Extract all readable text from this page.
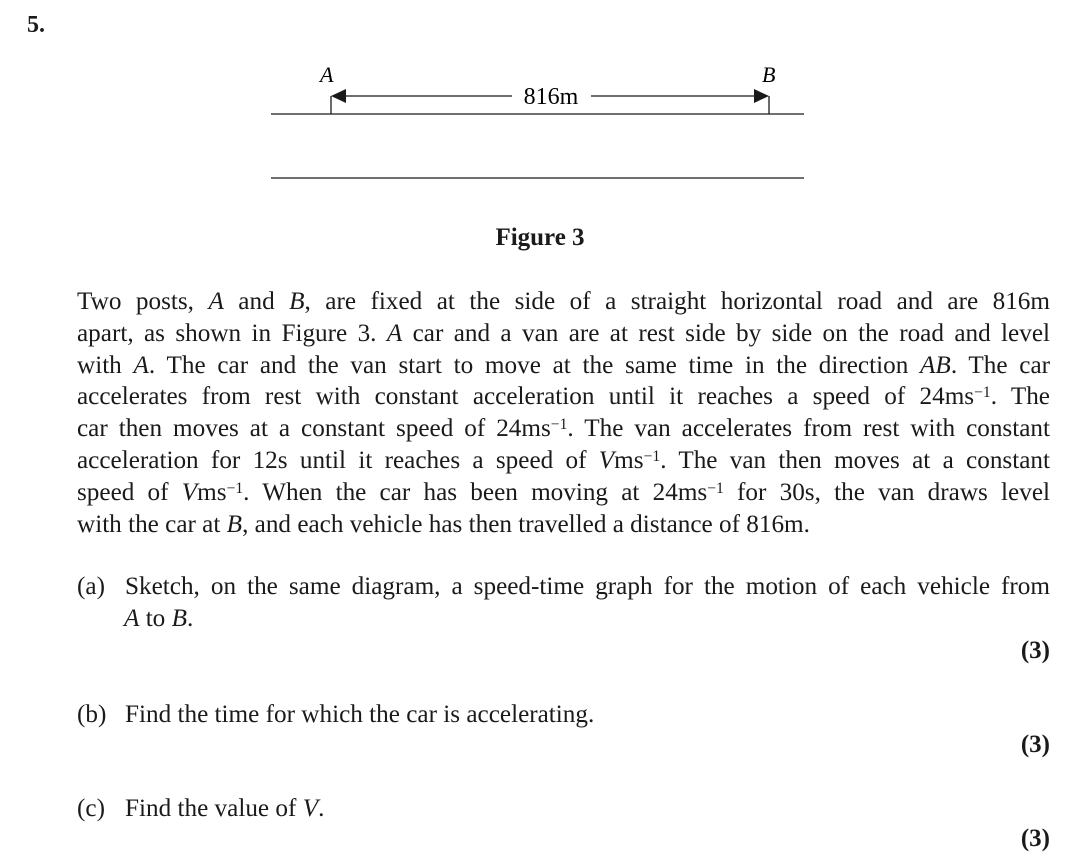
5.
A	B
816m
Figure 3
Two posts, A and B, are fixed at the side of a straight horizontal road and are 816m
apart, as shown in Figure 3. A car and a van are at rest side by side on the road and level
with A. The car and the van start to move at the same time in the direction AB. The car
accelerates from rest with constant acceleration until it reaches a speed of $24ms^{-1}$. The
car then moves at a constant speed of $24ms^{-1}$. The van accelerates from rest with constant
acceleration for 12s until it reaches a speed of Vms$^{-1}$. The van then moves at a constant
speed of Vms$^{-1}$. When the car has been moving at $24ms^{-1}$ for 30s, the van draws level
with the car at B, and each vehicle has then travelled a distance of 816m.
(a) Sketch, on the same diagram, a speed-time graph for the motion of each vehicle from
A to B.
(3)
(b) Find the time for which the car is accelerating.
(3)
(c) Find the value of V.
(3)
